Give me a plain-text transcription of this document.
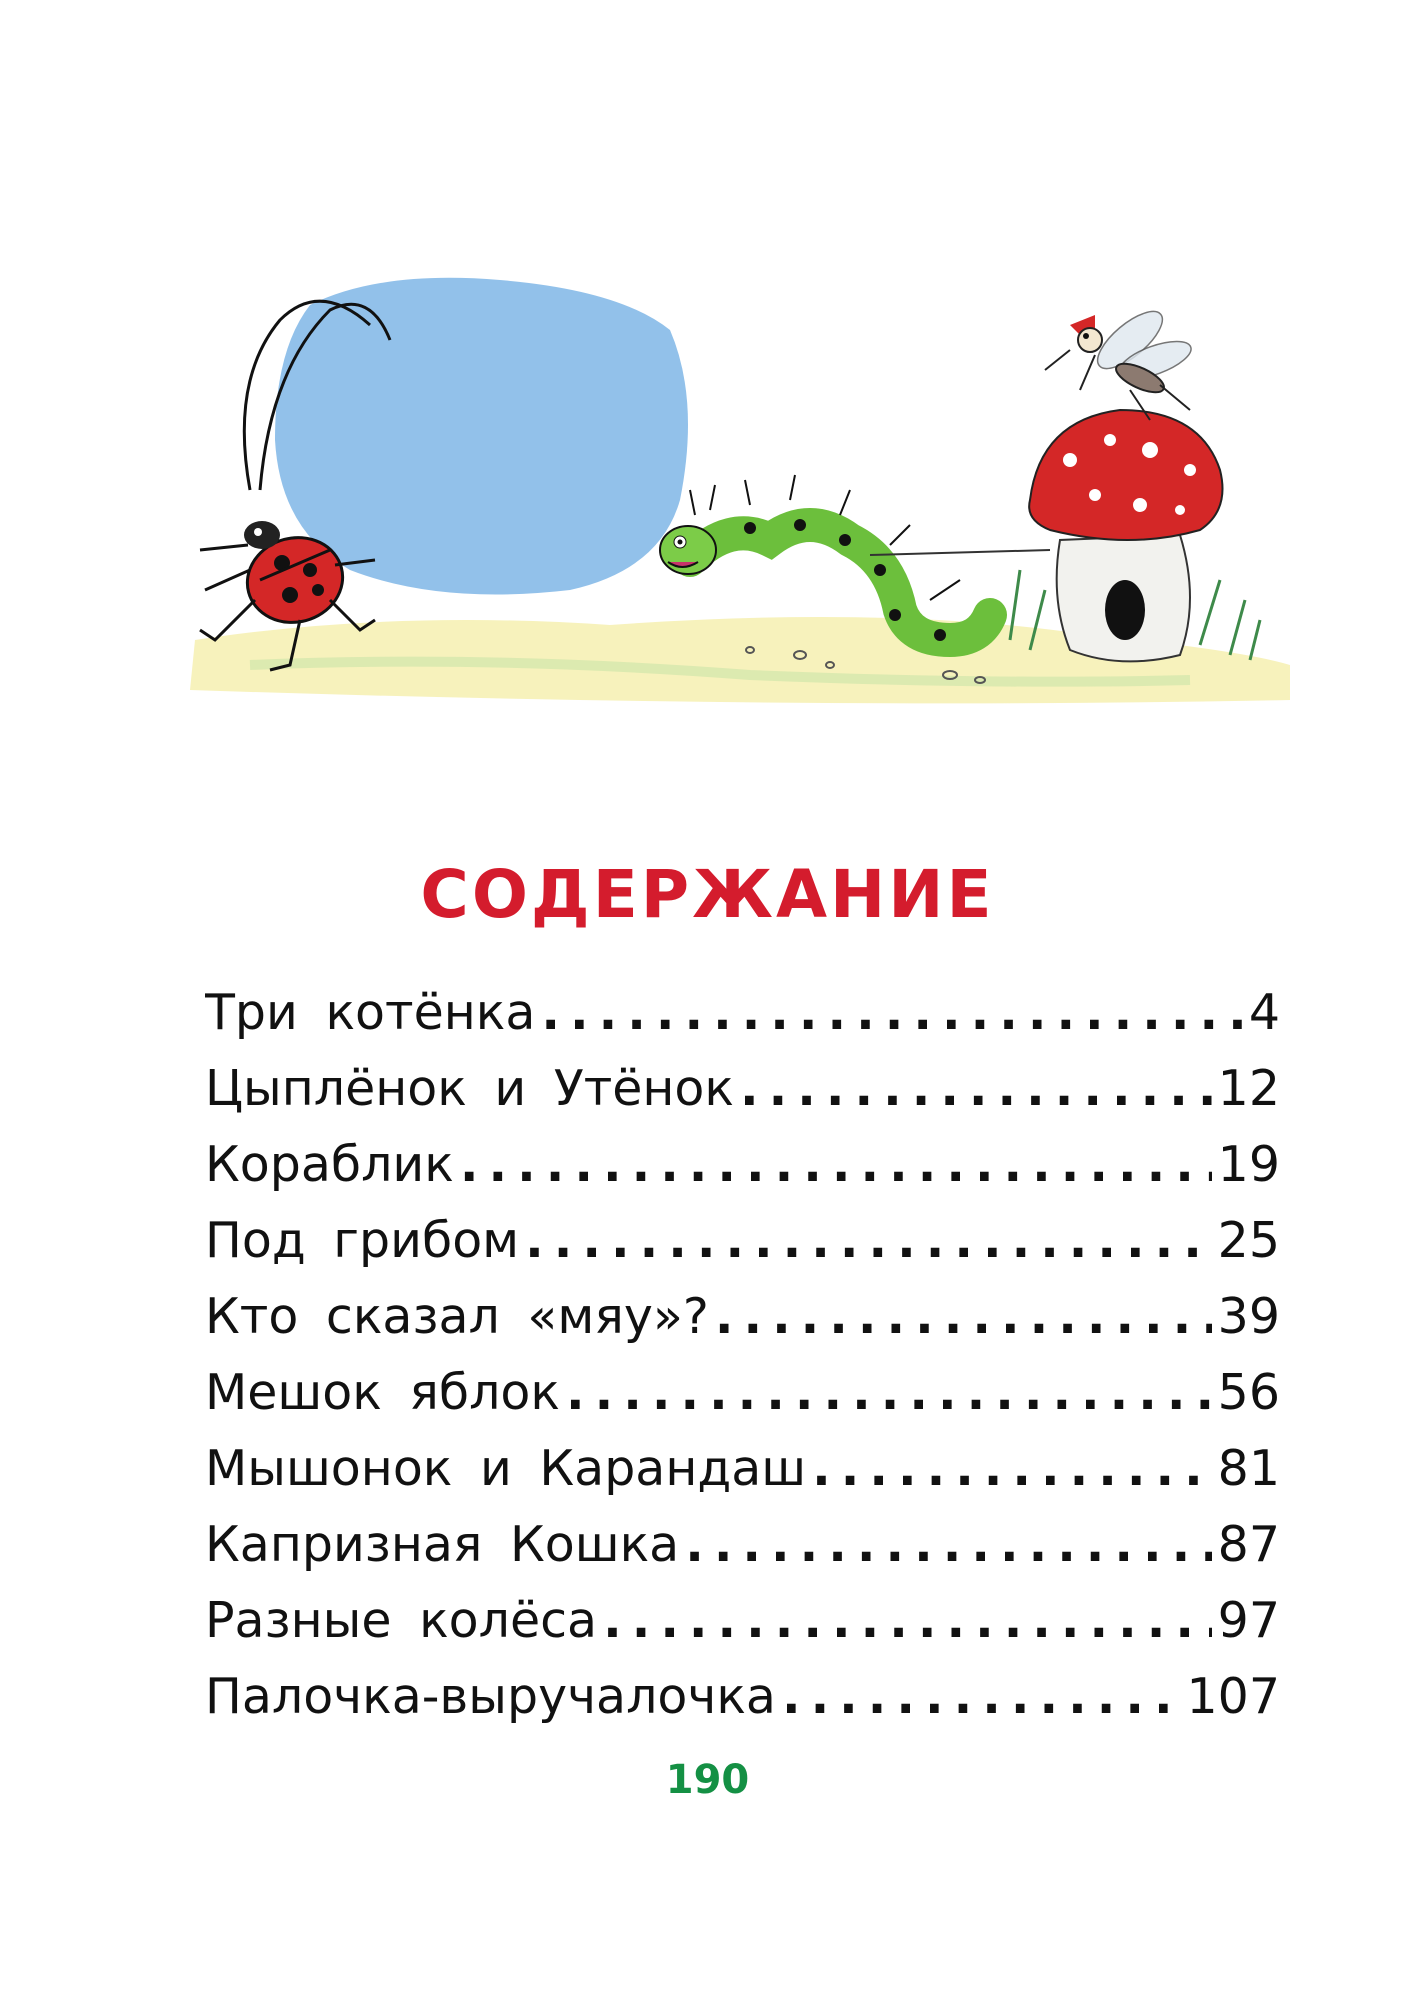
СОДЕРЖАНИЕ
Три котёнка .....	4
Цыплёнок и Утёнок .....	12
Кораблик .....	19
Под грибом .....	25
Кто сказал «мяу»? .....	39
Мешок яблок .....	56
Мышонок и Карандаш .....	81
Капризная Кошка .....	87
Разные колёса .....	97
Палочка-выручалочка .....	107
190
